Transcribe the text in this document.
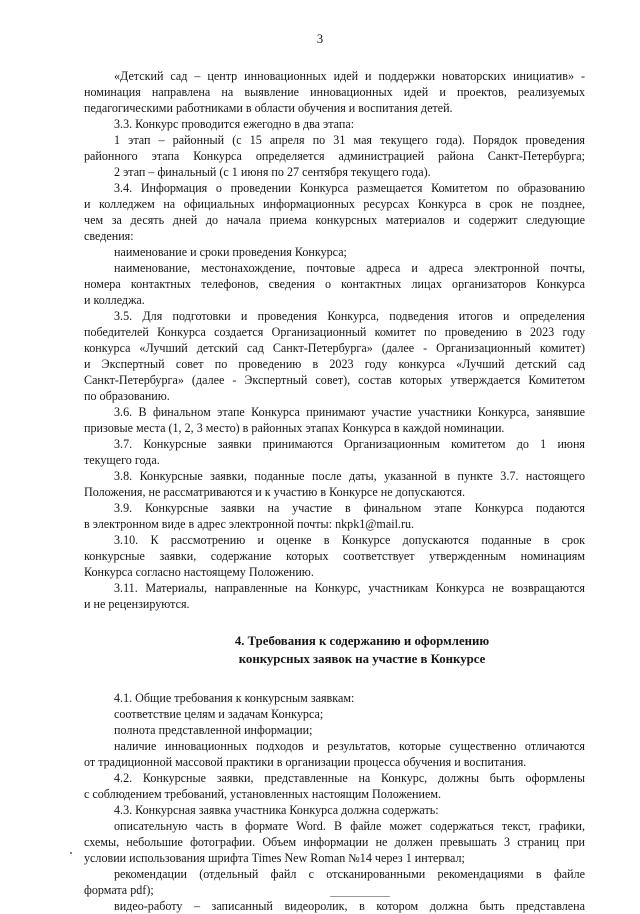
3
«Детский сад – центр инновационных идей и поддержки новаторских инициатив» -
номинация направлена на выявление инновационных идей и проектов, реализуемых
педагогическими работниками в области обучения и воспитания детей.
3.3. Конкурс проводится ежегодно в два этапа:
1 этап – районный (с 15 апреля по 31 мая текущего года). Порядок проведения
районного этапа Конкурса определяется администрацией района Санкт-Петербурга;
2 этап – финальный (с 1 июня по 27 сентября текущего года).
3.4. Информация о проведении Конкурса размещается Комитетом по образованию
и колледжем на официальных информационных ресурсах Конкурса в срок не позднее,
чем за десять дней до начала приема конкурсных материалов и содержит следующие
сведения:
наименование и сроки проведения Конкурса;
наименование, местонахождение, почтовые адреса и адреса электронной почты,
номера контактных телефонов, сведения о контактных лицах организаторов Конкурса
и колледжа.
3.5. Для подготовки и проведения Конкурса, подведения итогов и определения
победителей Конкурса создается Организационный комитет по проведению в 2023 году
конкурса «Лучший детский сад Санкт-Петербурга» (далее - Организационный комитет)
и Экспертный совет по проведению в 2023 году конкурса «Лучший детский сад
Санкт-Петербурга» (далее - Экспертный совет), состав которых утверждается Комитетом
по образованию.
3.6. В финальном этапе Конкурса принимают участие участники Конкурса, занявшие
призовые места (1, 2, 3 место) в районных этапах Конкурса в каждой номинации.
3.7. Конкурсные заявки принимаются Организационным комитетом до 1 июня
текущего года.
3.8. Конкурсные заявки, поданные после даты, указанной в пункте 3.7. настоящего
Положения, не рассматриваются и к участию в Конкурсе не допускаются.
3.9. Конкурсные заявки на участие в финальном этапе Конкурса подаются
в электронном виде в адрес электронной почты: nkpk1@mail.ru.
3.10. К рассмотрению и оценке в Конкурсе допускаются поданные в срок
конкурсные заявки, содержание которых соответствует утвержденным номинациям
Конкурса согласно настоящему Положению.
3.11. Материалы, направленные на Конкурс, участникам Конкурса не возвращаются
и не рецензируются.
4. Требования к содержанию и оформлению
конкурсных заявок на участие в Конкурсе
4.1. Общие требования к конкурсным заявкам:
соответствие целям и задачам Конкурса;
полнота представленной информации;
наличие инновационных подходов и результатов, которые существенно отличаются
от традиционной массовой практики в организации процесса обучения и воспитания.
4.2. Конкурсные заявки, представленные на Конкурс, должны быть оформлены
с соблюдением требований, установленных настоящим Положением.
4.3. Конкурсная заявка участника Конкурса должна содержать:
описательную часть в формате Word. В файле может содержаться текст, графики,
схемы, небольшие фотографии. Объем информации не должен превышать 3 страниц при
условии использования шрифта Times New Roman №14 через 1 интервал;
рекомендации (отдельный файл с отсканированными рекомендациями в файле
формата pdf);
видео-работу – записанный видеоролик, в котором должна быть представлена
